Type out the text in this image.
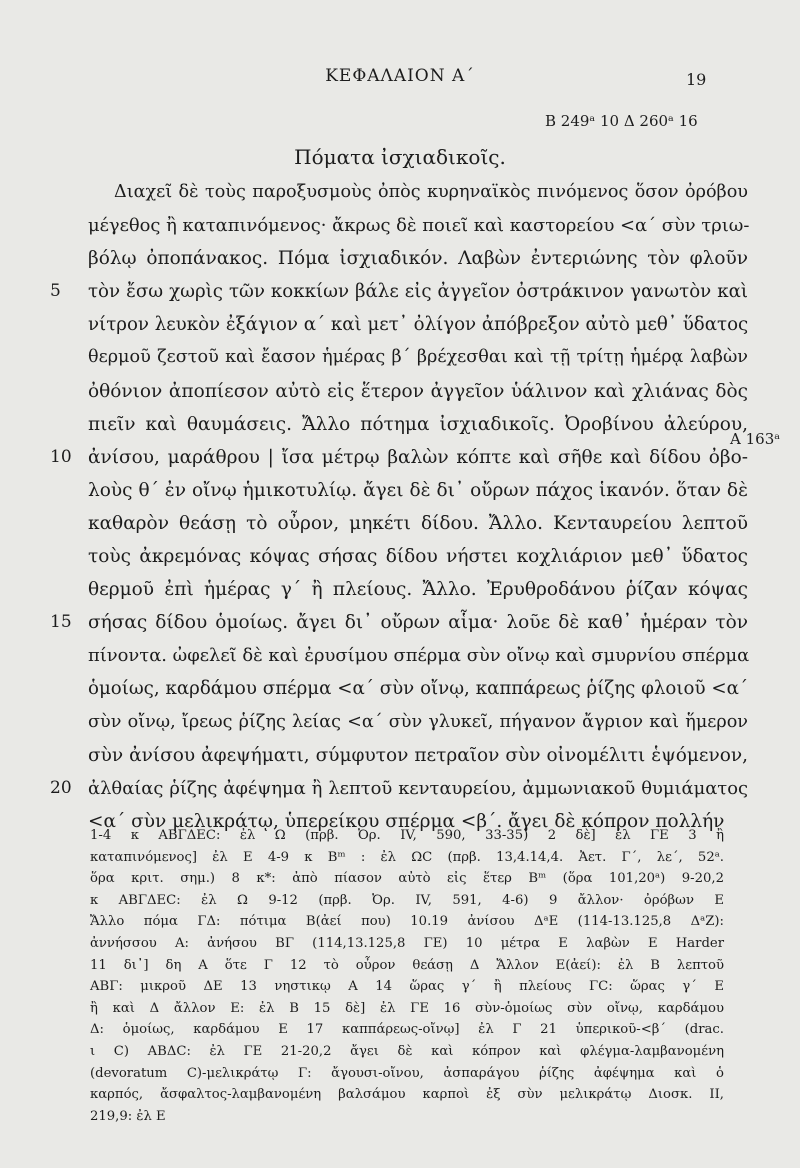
ΚΕΦΑΛΑΙΟΝ Α΄	19
B 249ᵃ 10 Δ 260ᵃ 16
Πόματα ἰσχιαδικοῖς.
A 163ᵃ
Διαχεῖ δὲ τοὺς παροξυσμοὺς ὀπὸς κυρηναϊκὸς πινόμενος ὅσον ὀρόβου
μέγεθος ἢ καταπινόμενος· ἄκρως δὲ ποιεῖ καὶ καστορείου <α΄ σὺν τριω-
βόλῳ ὀποπάνακος. Πόμα ἰσχιαδικόν. Λαβὼν ἐντεριώνης τὸν φλοῦν
5	τὸν ἔσω χωρὶς τῶν κοκκίων βάλε εἰς ἀγγεῖον ὀστράκινον γανωτὸν καὶ
νίτρον λευκὸν ἐξάγιον α΄ καὶ μετ᾽ ὀλίγον ἀπόβρεξον αὐτὸ μεθ᾽ ὕδατος
θερμοῦ ζεστοῦ καὶ ἔασον ἡμέρας β΄ βρέχεσθαι καὶ τῇ τρίτῃ ἡμέρᾳ λαβὼν
ὀθόνιον ἀποπίεσον αὐτὸ εἰς ἕτερον ἀγγεῖον ὑάλινον καὶ χλιάνας δὸς
πιεῖν καὶ θαυμάσεις. Ἄλλο πότημα ἰσχιαδικοῖς. Ὀροβίνου ἀλεύρου,
10 ἀνίσου, μαράθρου | ἴσα μέτρῳ βαλὼν κόπτε καὶ σῆθε καὶ δίδου ὀβο-
λοὺς θ΄ ἐν οἴνῳ ἡμικοτυλίῳ. ἄγει δὲ δι᾽ οὔρων πάχος ἱκανόν. ὅταν δὲ
καθαρὸν θεάσῃ τὸ οὖρον, μηκέτι δίδου. Ἄλλο. Κενταυρείου λεπτοῦ
τοὺς ἀκρεμόνας κόψας σήσας δίδου νήστει κοχλιάριον μεθ᾽ ὕδατος
θερμοῦ ἐπὶ ἡμέρας γ΄ ἢ πλείους. Ἄλλο. Ἐρυθροδάνου ῥίζαν κόψας
15 σήσας δίδου ὁμοίως. ἄγει δι᾽ οὔρων αἷμα· λοῦε δὲ καθ᾽ ἡμέραν τὸν
πίνοντα. ὠφελεῖ δὲ καὶ ἐρυσίμου σπέρμα σὺν οἴνῳ καὶ σμυρνίου σπέρμα
ὁμοίως, καρδάμου σπέρμα <α΄ σὺν οἴνῳ, καππάρεως ῥίζης φλοιοῦ <α΄
σὺν οἴνῳ, ἴρεως ῥίζης λείας <α΄ σὺν γλυκεῖ, πήγανον ἄγριον καὶ ἥμερον
σὺν ἀνίσου ἀφεψήματι, σύμφυτον πετραῖον σὺν οἰνομέλιτι ἑψόμενον,
20 ἀλθαίας ῥίζης ἀφέψημα ἢ λεπτοῦ κενταυρείου, ἀμμωνιακοῦ θυμιάματος
<α΄ σὺν μελικράτῳ, ὑπερείκου σπέρμα <β΄. ἄγει δὲ κόπρον πολλήν
1-4 κ ΑΒΓΔΕC: ἐλ Ω (πρβ. Ὀρ. IV, 590, 33-35) 2 δὲ] ἐλ ΓΕ 3 ἢ
καταπινόμενος] ἐλ Ε 4-9 κ Bᵐ : ἐλ ΩC (πρβ. 13,4.14,4. Ἀετ. Γ΄, λε΄, 52ᵃ.
ὅρα κριτ. σημ.) 8 κ*: ἀπὸ πίασον αὐτὸ εἰς ἕτερ Bᵐ (ὅρα 101,20ᵃ) 9-20,2
κ ΑΒΓΔΕC: ἐλ Ω 9-12 (πρβ. Ὀρ. IV, 591, 4-6) 9 ἄλλον· ὀρόβων Ε
Ἄλλο πόμα ΓΔ: πότιμα Β(ἀεί που) 10.19 ἀνίσου ΔᵃΕ (114-13.125,8 ΔᵃΖ):
ἀννήσσου Α: ἀνήσου ΒΓ (114,13.125,8 ΓΕ) 10 μέτρα Ε λαβὼν Ε Harder
11 δι᾽] δη Α ὅτε Γ 12 τὸ οὖρον θεάσῃ Δ Ἄλλον Ε(ἀεί): ἐλ Β λεπτοῦ
ΑΒΓ: μικροῦ ΔΕ 13 νηστικῳ Α 14 ὥρας γ΄ ἢ πλείους ΓC: ὥρας γ΄ Ε
ἢ καὶ Δ ἄλλον Ε: ἐλ Β 15 δὲ] ἐλ ΓΕ 16 σὺν-ὁμοίως σὺν οἴνῳ, καρδάμου
Δ: ὁμοίως, καρδάμου Ε 17 καππάρεως-οἴνῳ] ἐλ Γ 21 ὑπερικοῦ-<β΄ (drac.
ι C) ΑΒΔC: ἐλ ΓΕ 21-20,2 ἄγει δὲ καὶ κόπρον καὶ φλέγμα-λαμβανομένη
(devoratum C)-μελικράτῳ Γ: ἄγουσι-οἴνου, ἀσπαράγου ῥίζης ἀφέψημα καὶ ὁ
καρπός, ἄσφαλτος-λαμβανομένη βαλσάμου καρποὶ ἐξ σὺν μελικράτῳ Διοσκ. ΙΙ,
219,9: ἐλ Ε
